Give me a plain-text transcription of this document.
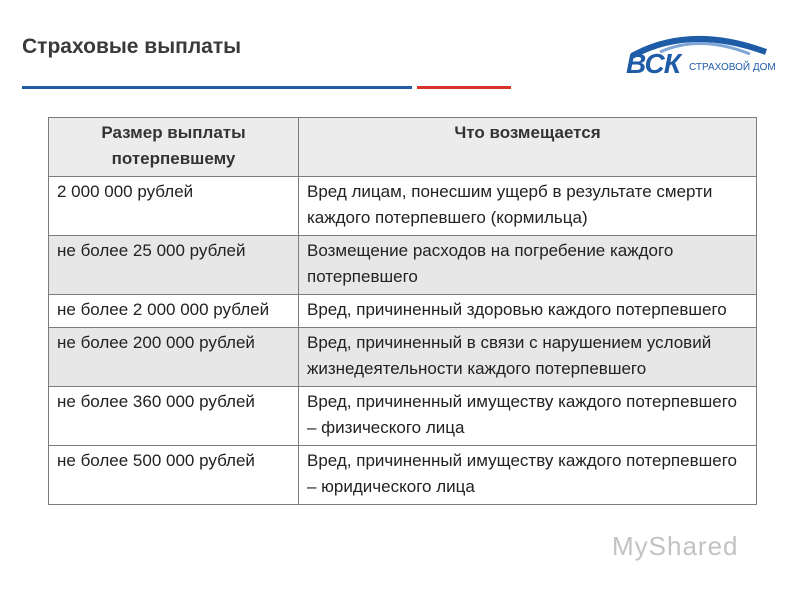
Страховые выплаты
ВСК СТРАХОВОЙ ДОМ
Размер выплаты потерпевшему	Что возмещается
2 000 000 рублей	Вред лицам, понесшим ущерб в результате смерти каждого потерпевшего (кормильца)
не более 25 000 рублей	Возмещение расходов на погребение каждого потерпевшего
не более 2 000 000 рублей	Вред, причиненный здоровью каждого потерпевшего
не более 200 000 рублей	Вред, причиненный в связи с нарушением условий жизнедеятельности каждого потерпевшего
не более 360 000 рублей	Вред, причиненный имуществу каждого потерпевшего – физического лица
не более 500 000 рублей	Вред, причиненный имуществу каждого потерпевшего – юридического лица
MyShared
